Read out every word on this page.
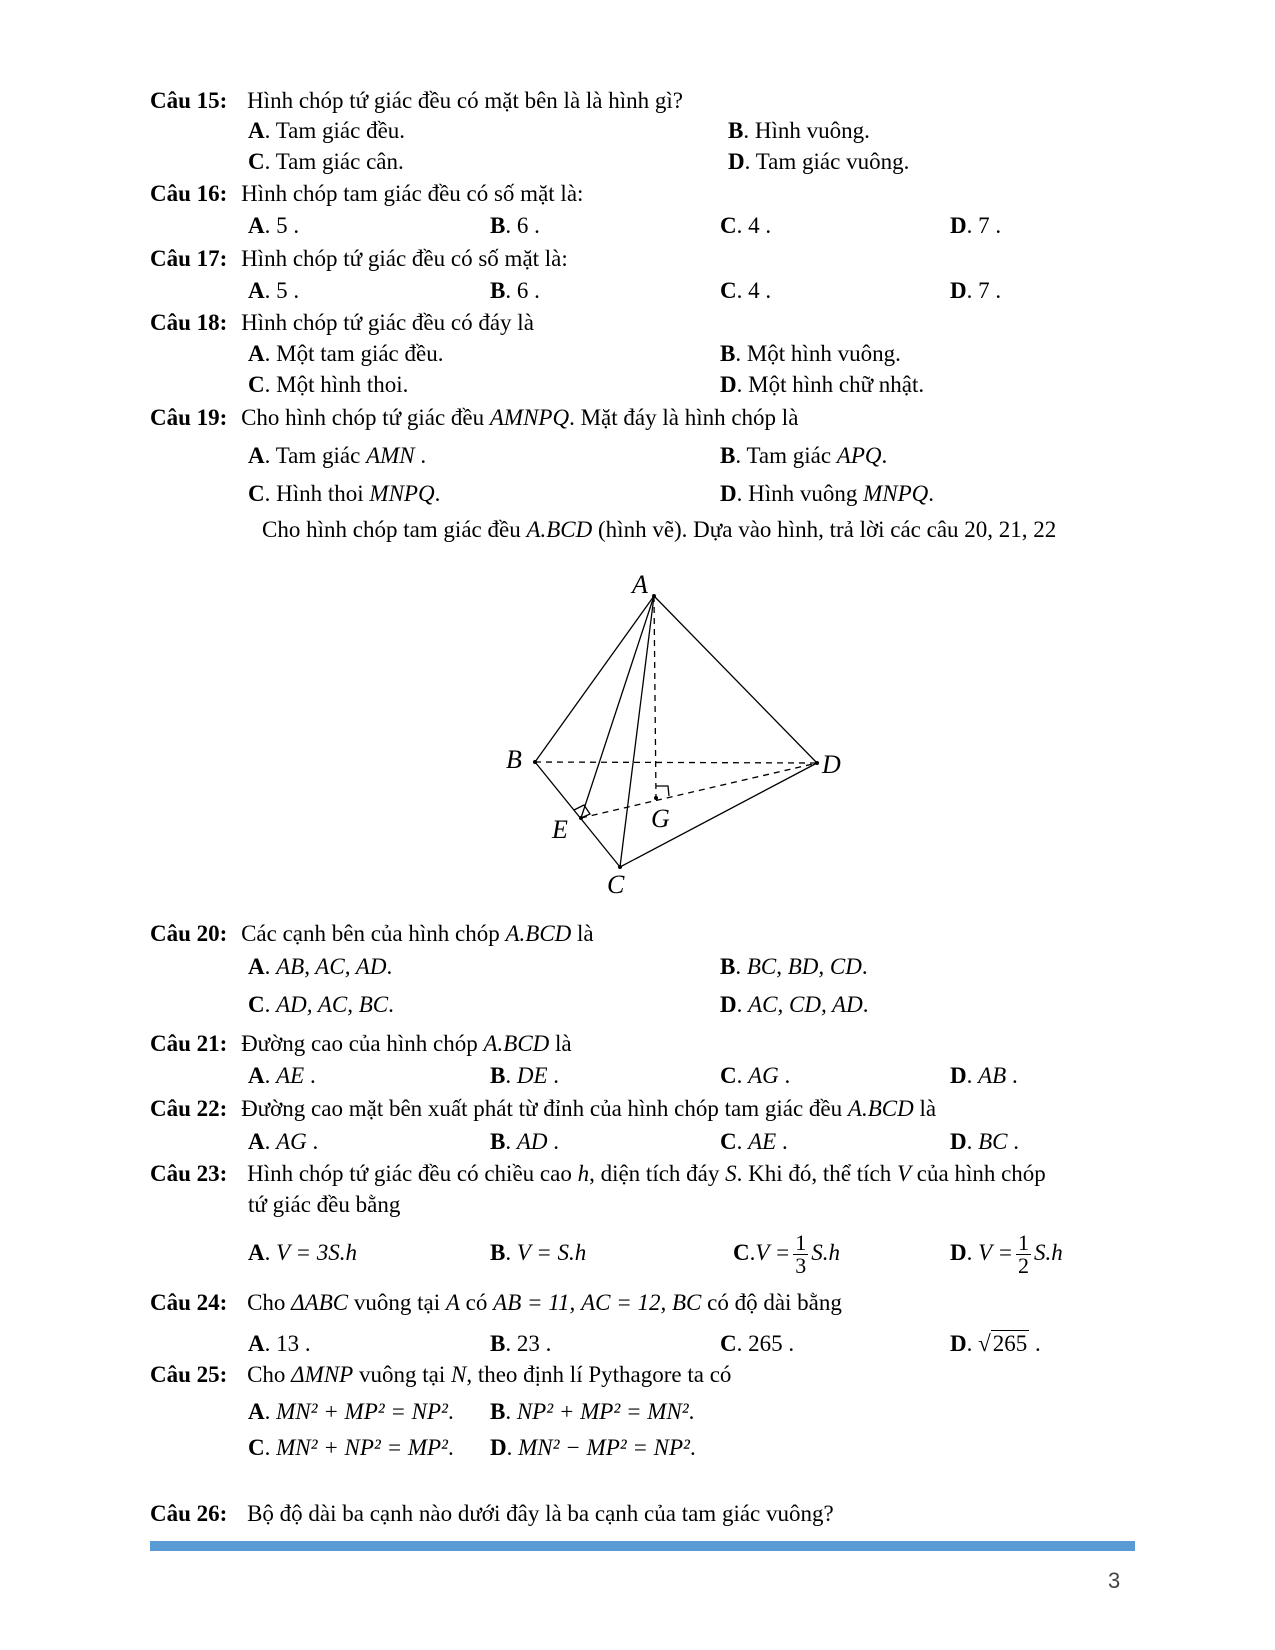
Câu 15: Hình chóp tứ giác đều có mặt bên là là hình gì?
A. Tam giác đều.	B. Hình vuông.
C. Tam giác cân.	D. Tam giác vuông.
Câu 16: Hình chóp tam giác đều có số mặt là:
A. 5 .	B. 6 .	C. 4 .	D. 7 .
Câu 17: Hình chóp tứ giác đều có số mặt là:
A. 5 .	B. 6 .	C. 4 .	D. 7 .
Câu 18: Hình chóp tứ giác đều có đáy là
A. Một tam giác đều.	B. Một hình vuông.
C. Một hình thoi.	D. Một hình chữ nhật.
Câu 19: Cho hình chóp tứ giác đều AMNPQ. Mặt đáy là hình chóp là
A. Tam giác AMN .	B. Tam giác APQ.
C. Hình thoi MNPQ.	D. Hình vuông MNPQ.
Cho hình chóp tam giác đều A.BCD (hình vẽ). Dựa vào hình, trả lời các câu 20, 21, 22
A
B	D
E	G
C
Câu 20: Các cạnh bên của hình chóp A.BCD là
A. AB, AC, AD.	B. BC, BD, CD.
C. AD, AC, BC.	D. AC, CD, AD.
Câu 21: Đường cao của hình chóp A.BCD là
A. AE .	B. DE .	C. AG .	D. AB .
Câu 22: Đường cao mặt bên xuất phát từ đỉnh của hình chóp tam giác đều A.BCD là
A. AG .	B. AD .	C. AE .	D. BC .
Câu 23: Hình chóp tứ giác đều có chiều cao h, diện tích đáy S. Khi đó, thể tích V của hình chóp
tứ giác đều bằng
A. V = 3S.h	B. V = S.h	$C.V = \frac{1}{3} S.h$	D. $V = \frac{1}{2} S.h$
Câu 24: Cho ΔABC vuông tại A có AB = 11, AC = 12, BC có độ dài bằng
A. 13 .	B. 23 .	C. 265 .	D. √265 .
Câu 25: Cho ΔMNP vuông tại N, theo định lí Pythagore ta có
A. MN² + MP² = NP². B. NP² + MP² = MN².
C. MN² + NP² = MP². D. MN² − MP² = NP².
Câu 26: Bộ độ dài ba cạnh nào dưới đây là ba cạnh của tam giác vuông?
3
